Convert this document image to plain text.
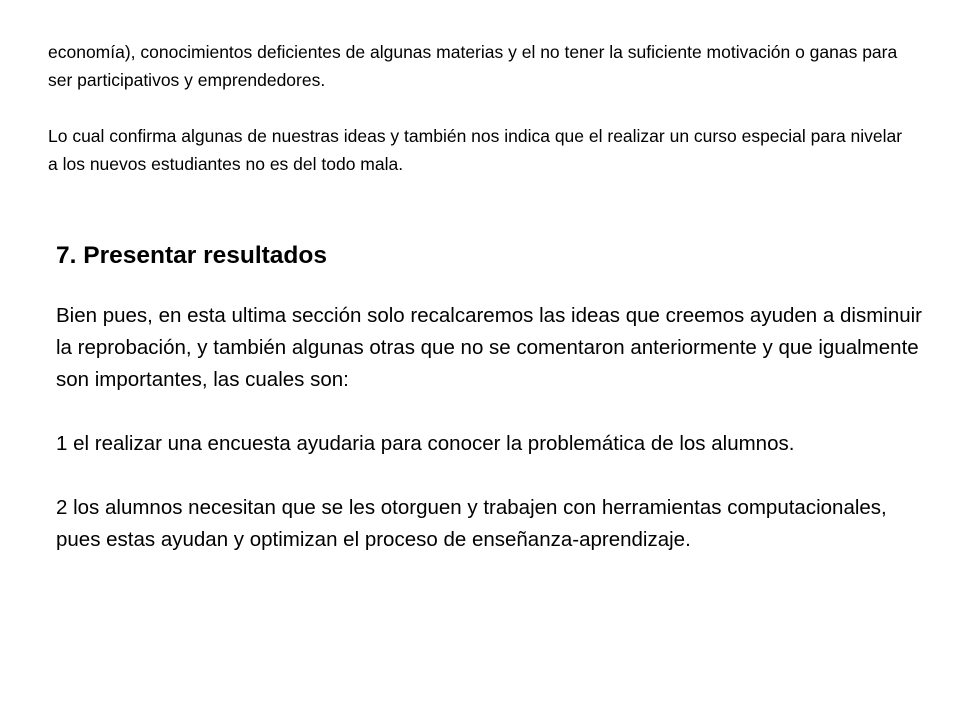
economía), conocimientos deficientes de algunas materias y el no tener la suficiente motivación o ganas para ser participativos y emprendedores.

Lo cual confirma algunas de nuestras ideas y también nos indica que el realizar un curso especial para nivelar a los nuevos estudiantes no es del todo mala.

7. Presentar resultados

Bien pues, en esta ultima sección solo recalcaremos las ideas que creemos ayuden a disminuir la reprobación, y también algunas otras que no se comentaron anteriormente y que igualmente son importantes, las cuales son:

1 el realizar una encuesta ayudaria para conocer la problemática de los alumnos.

2 los alumnos necesitan que se les otorguen y trabajen con herramientas computacionales, pues estas ayudan y optimizan el proceso de enseñanza-aprendizaje.
